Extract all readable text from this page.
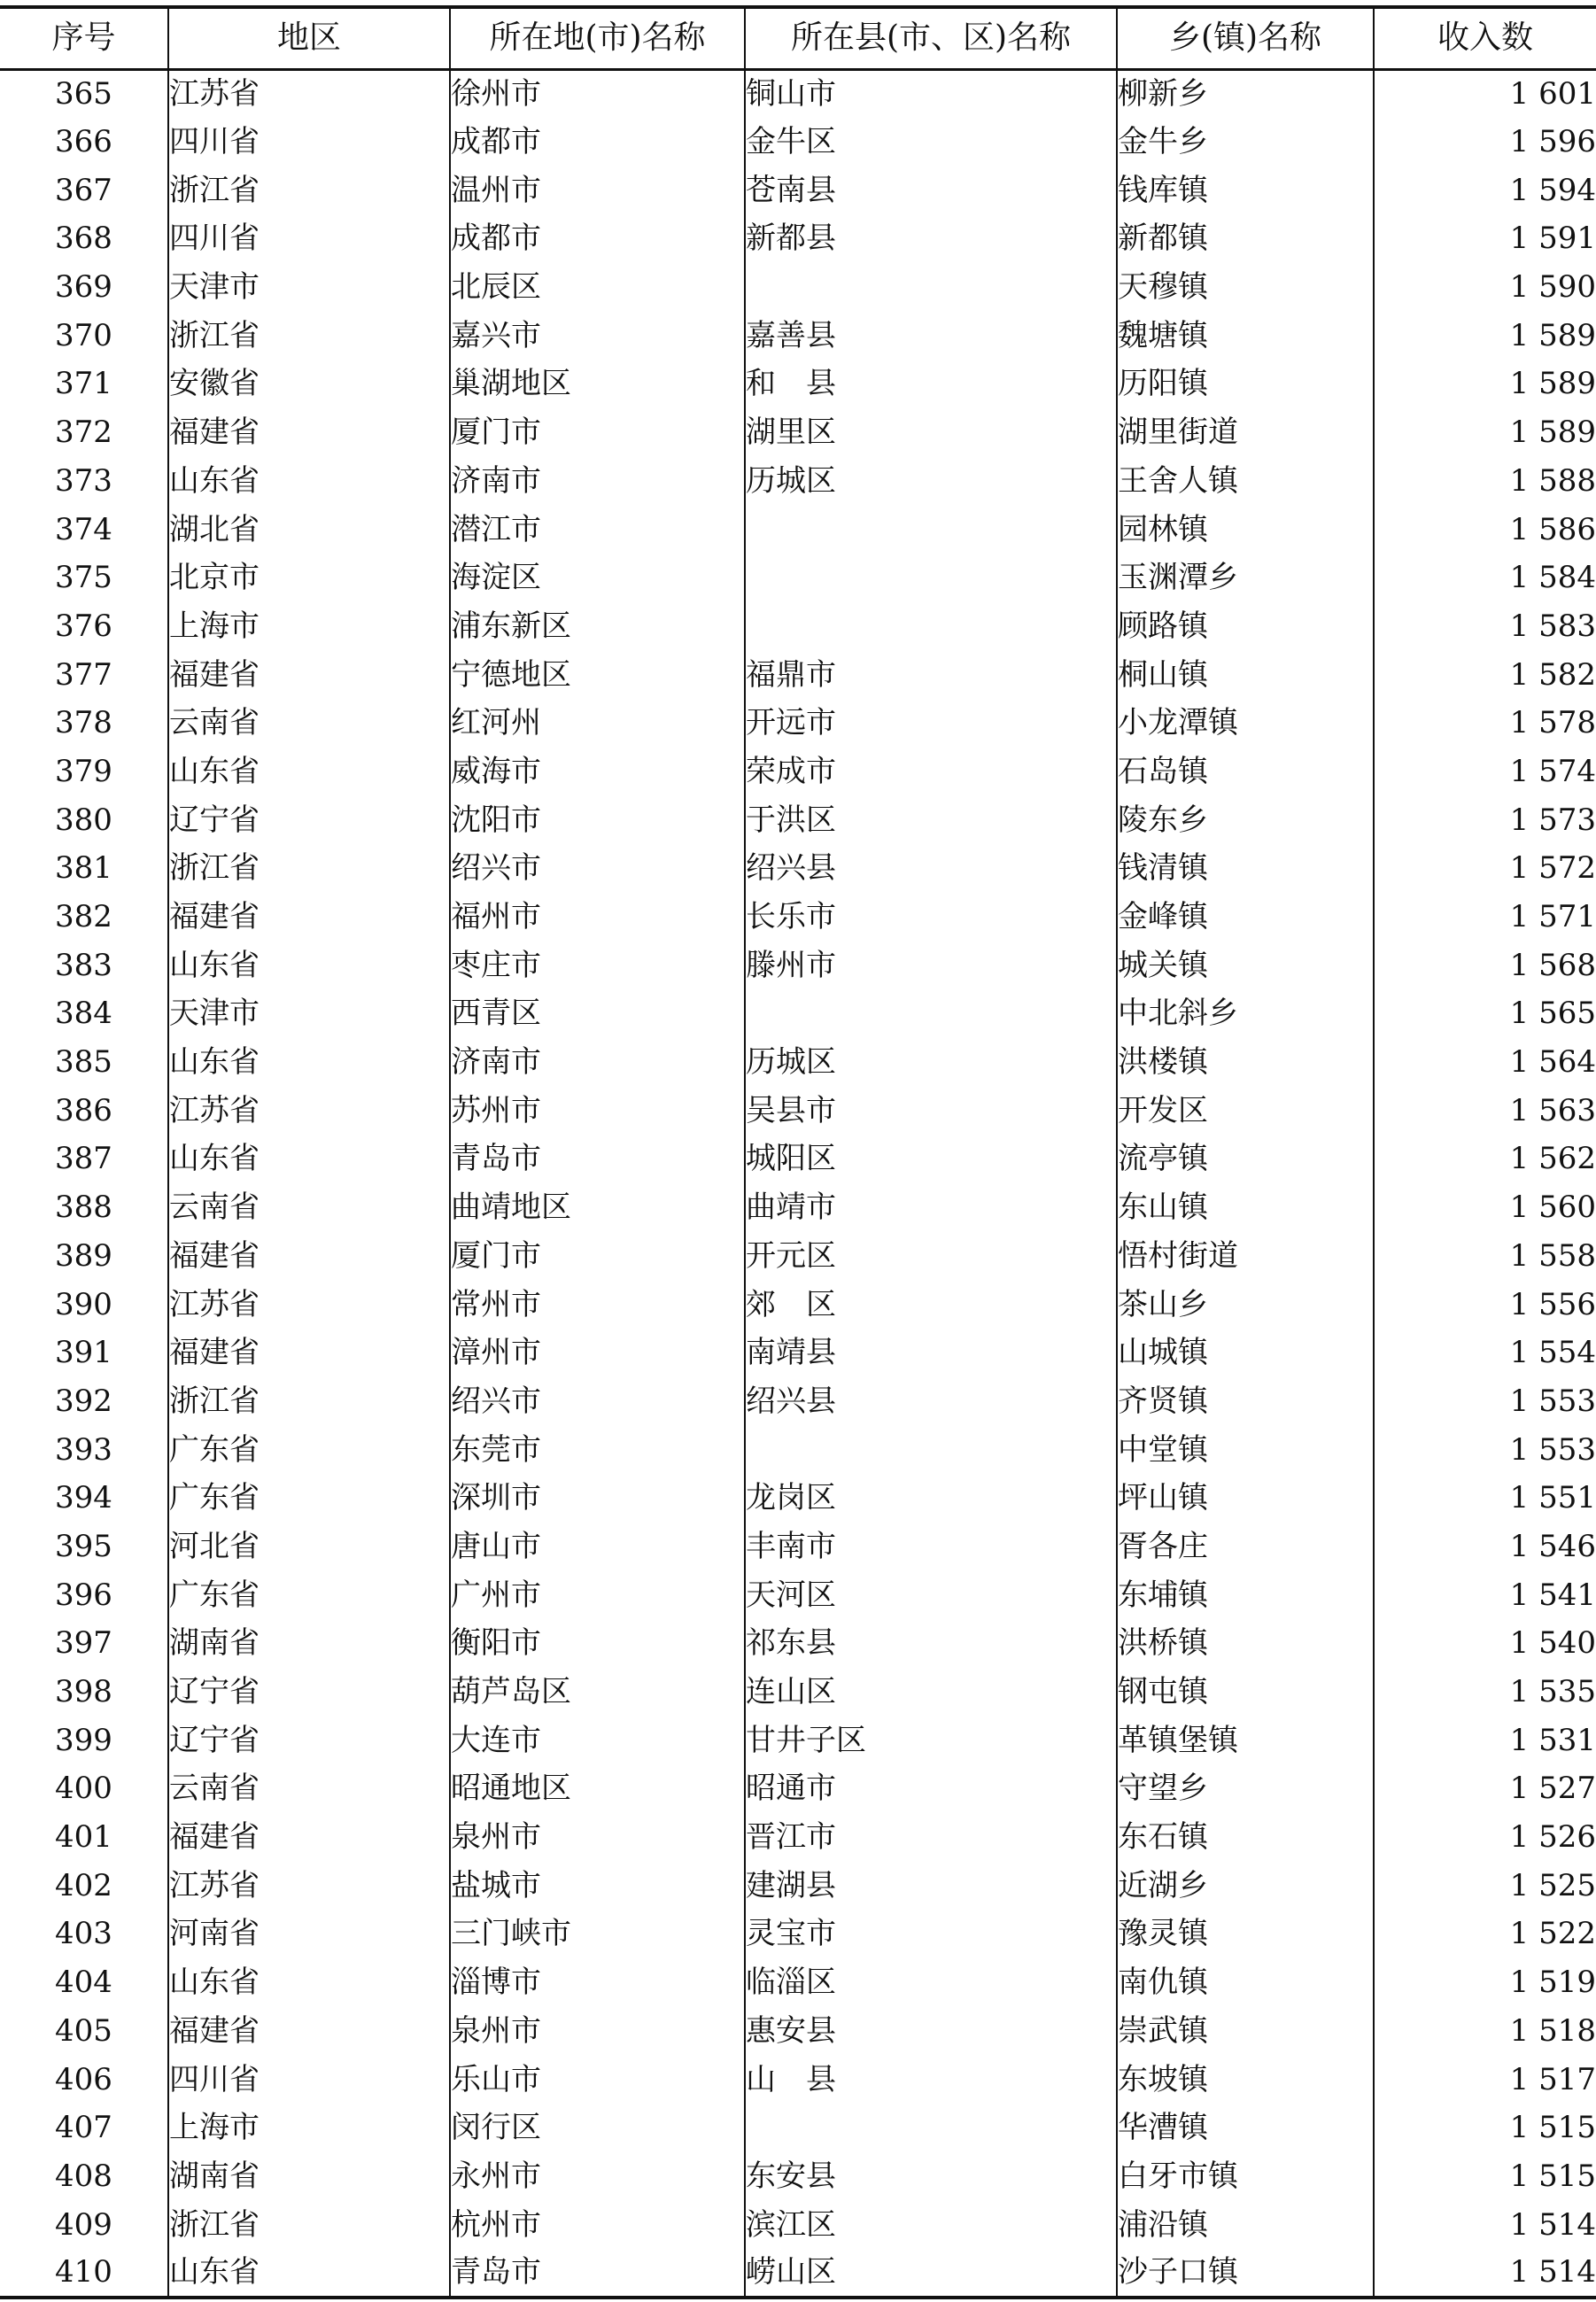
序号	地区	所在地(市)名称	所在县(市、区)名称	乡(镇)名称	收入数
365	江苏省	徐州市	铜山市	柳新乡	1 601
366	四川省	成都市	金牛区	金牛乡	1 596
367	浙江省	温州市	苍南县	钱库镇	1 594
368	四川省	成都市	新都县	新都镇	1 591
369	天津市	北辰区		天穆镇	1 590
370	浙江省	嘉兴市	嘉善县	魏塘镇	1 589
371	安徽省	巢湖地区	和　县	历阳镇	1 589
372	福建省	厦门市	湖里区	湖里街道	1 589
373	山东省	济南市	历城区	王舍人镇	1 588
374	湖北省	潜江市		园林镇	1 586
375	北京市	海淀区		玉渊潭乡	1 584
376	上海市	浦东新区		顾路镇	1 583
377	福建省	宁德地区	福鼎市	桐山镇	1 582
378	云南省	红河州	开远市	小龙潭镇	1 578
379	山东省	威海市	荣成市	石岛镇	1 574
380	辽宁省	沈阳市	于洪区	陵东乡	1 573
381	浙江省	绍兴市	绍兴县	钱清镇	1 572
382	福建省	福州市	长乐市	金峰镇	1 571
383	山东省	枣庄市	滕州市	城关镇	1 568
384	天津市	西青区		中北斜乡	1 565
385	山东省	济南市	历城区	洪楼镇	1 564
386	江苏省	苏州市	吴县市	开发区	1 563
387	山东省	青岛市	城阳区	流亭镇	1 562
388	云南省	曲靖地区	曲靖市	东山镇	1 560
389	福建省	厦门市	开元区	悟村街道	1 558
390	江苏省	常州市	郊　区	茶山乡	1 556
391	福建省	漳州市	南靖县	山城镇	1 554
392	浙江省	绍兴市	绍兴县	齐贤镇	1 553
393	广东省	东莞市		中堂镇	1 553
394	广东省	深圳市	龙岗区	坪山镇	1 551
395	河北省	唐山市	丰南市	胥各庄	1 546
396	广东省	广州市	天河区	东埔镇	1 541
397	湖南省	衡阳市	祁东县	洪桥镇	1 540
398	辽宁省	葫芦岛区	连山区	钢屯镇	1 535
399	辽宁省	大连市	甘井子区	革镇堡镇	1 531
400	云南省	昭通地区	昭通市	守望乡	1 527
401	福建省	泉州市	晋江市	东石镇	1 526
402	江苏省	盐城市	建湖县	近湖乡	1 525
403	河南省	三门峡市	灵宝市	豫灵镇	1 522
404	山东省	淄博市	临淄区	南仇镇	1 519
405	福建省	泉州市	惠安县	崇武镇	1 518
406	四川省	乐山市	山　县	东坡镇	1 517
407	上海市	闵行区		华漕镇	1 515
408	湖南省	永州市	东安县	白牙市镇	1 515
409	浙江省	杭州市	滨江区	浦沿镇	1 514
410	山东省	青岛市	崂山区	沙子口镇	1 514
